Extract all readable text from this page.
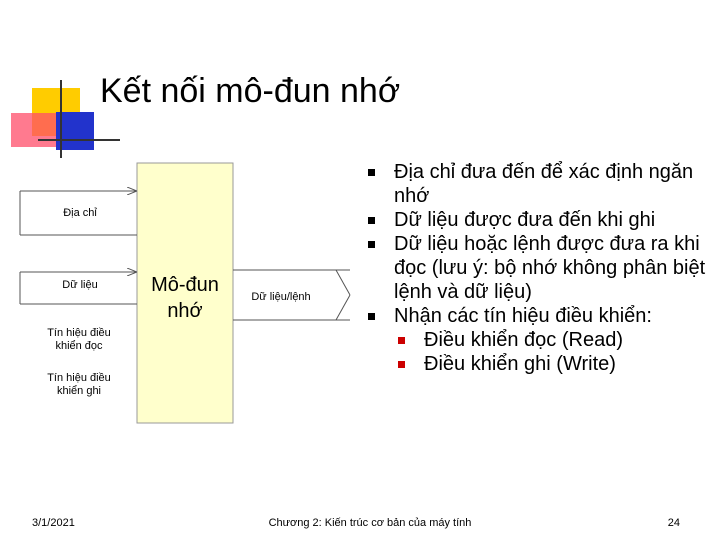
Kết nối mô-đun nhớ
Địa chỉ
Dữ liệu
Tín hiệu điều khiển đọc
Tín hiệu điều khiển ghi
Dữ liệu/lệnh
Mô-đun nhớ
Địa chỉ đưa đến để xác định ngăn nhớ
Dữ liệu được đưa đến khi ghi
Dữ liệu hoặc lệnh được đưa ra khi đọc (lưu ý: bộ nhớ không phân biệt lệnh và dữ liệu)
Nhận các tín hiệu điều khiển:
Điều khiển đọc (Read)
Điều khiển ghi (Write)
3/1/2021	Chương 2: Kiến trúc cơ bản của máy tính	24
